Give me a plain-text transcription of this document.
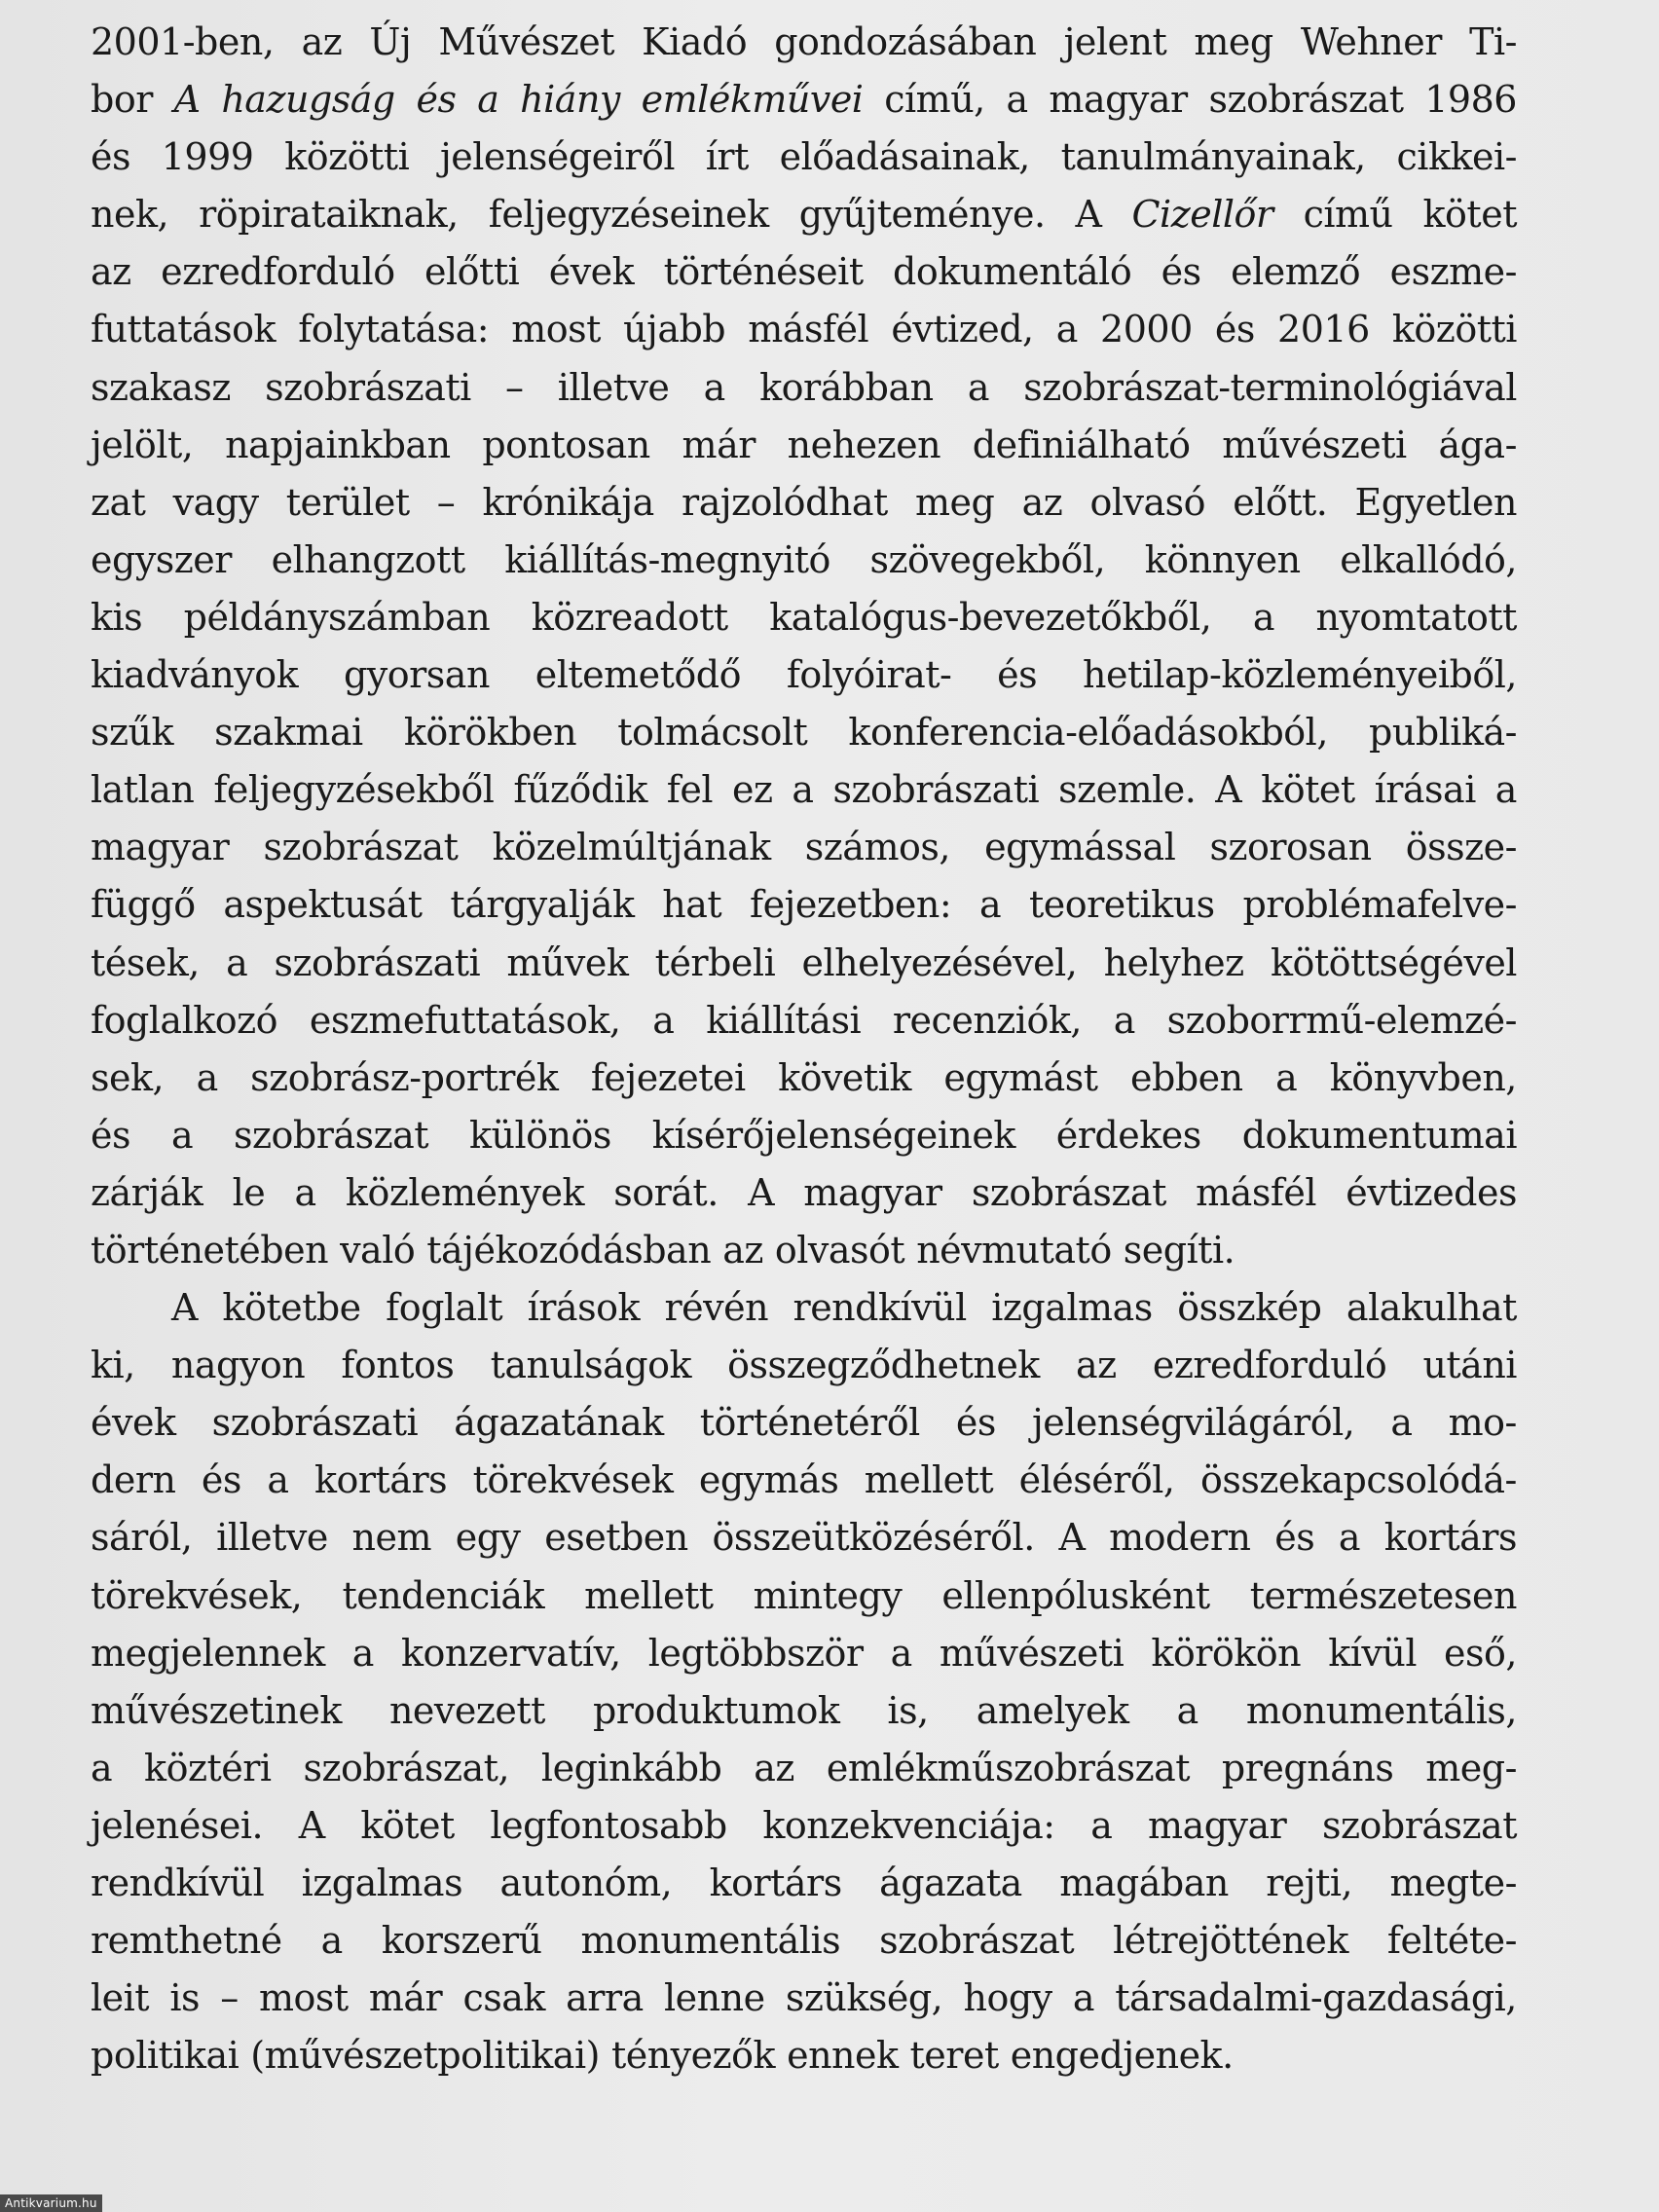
2001-ben, az Új Művészet Kiadó gondozásában jelent meg Wehner Ti-
bor A hazugság és a hiány emlékművei című, a magyar szobrászat 1986
és 1999 közötti jelenségeiről írt előadásainak, tanulmányainak, cikkei-
nek, röpirataiknak, feljegyzéseinek gyűjteménye. A Cizellőr című kötet
az ezredforduló előtti évek történéseit dokumentáló és elemző eszme-
futtatások folytatása: most újabb másfél évtized, a 2000 és 2016 közötti
szakasz szobrászati – illetve a korábban a szobrászat-terminológiával
jelölt, napjainkban pontosan már nehezen definiálható művészeti ága-
zat vagy terület – krónikája rajzolódhat meg az olvasó előtt. Egyetlen
egyszer elhangzott kiállítás-megnyitó szövegekből, könnyen elkallódó,
kis példányszámban közreadott katalógus-bevezetőkből, a nyomtatott
kiadványok gyorsan eltemetődő folyóirat- és hetilap-közleményeiből,
szűk szakmai körökben tolmácsolt konferencia-előadásokból, publiká-
latlan feljegyzésekből fűződik fel ez a szobrászati szemle. A kötet írásai a
magyar szobrászat közelmúltjának számos, egymással szorosan össze-
függő aspektusát tárgyalják hat fejezetben: a teoretikus problémafelve-
tések, a szobrászati művek térbeli elhelyezésével, helyhez kötöttségével
foglalkozó eszmefuttatások, a kiállítási recenziók, a szoborrmű-elemzé-
sek, a szobrász-portrék fejezetei követik egymást ebben a könyvben,
és a szobrászat különös kísérőjelenségeinek érdekes dokumentumai
zárják le a közlemények sorát. A magyar szobrászat másfél évtizedes
történetében való tájékozódásban az olvasót névmutató segíti.
A kötetbe foglalt írások révén rendkívül izgalmas összkép alakulhat
ki, nagyon fontos tanulságok összegződhetnek az ezredforduló utáni
évek szobrászati ágazatának történetéről és jelenségvilágáról, a mo-
dern és a kortárs törekvések egymás mellett éléséről, összekapcsolódá-
sáról, illetve nem egy esetben összeütközéséről. A modern és a kortárs
törekvések, tendenciák mellett mintegy ellenpólusként természetesen
megjelennek a konzervatív, legtöbbször a művészeti körökön kívül eső,
művészetinek nevezett produktumok is, amelyek a monumentális,
a köztéri szobrászat, leginkább az emlékműszobrászat pregnáns meg-
jelenései. A kötet legfontosabb konzekvenciája: a magyar szobrászat
rendkívül izgalmas autonóm, kortárs ágazata magában rejti, megte-
remthetné a korszerű monumentális szobrászat létrejöttének feltéte-
leit is – most már csak arra lenne szükség, hogy a társadalmi-gazdasági,
politikai (művészetpolitikai) tényezők ennek teret engedjenek.
Antikvarium.hu
